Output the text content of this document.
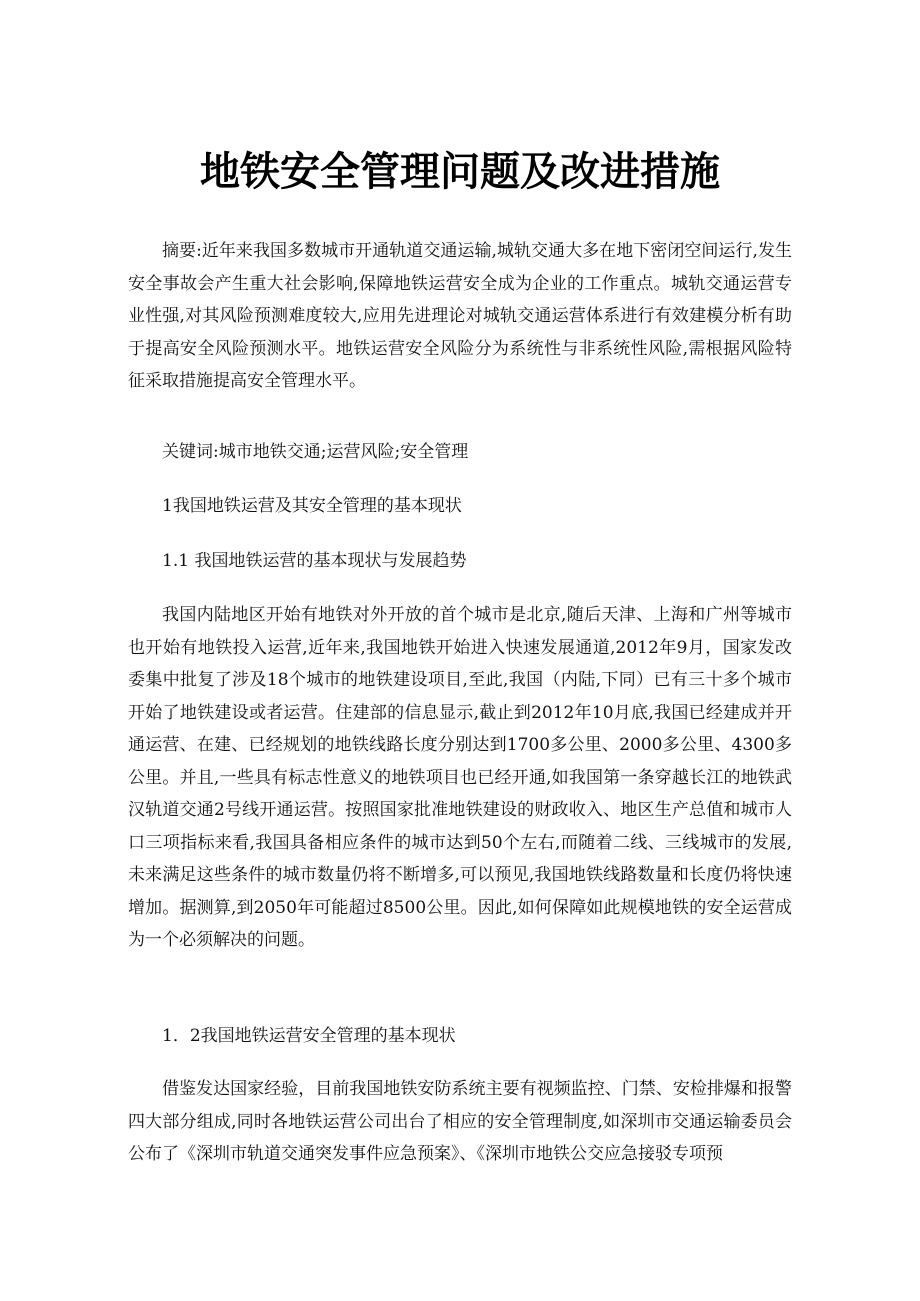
地铁安全管理问题及改进措施

摘要:近年来我国多数城市开通轨道交通运输,城轨交通大多在地下密闭空间运行,发生安全事故会产生重大社会影响,保障地铁运营安全成为企业的工作重点。城轨交通运营专业性强,对其风险预测难度较大,应用先进理论对城轨交通运营体系进行有效建模分析有助于提高安全风险预测水平。地铁运营安全风险分为系统性与非系统性风险,需根据风险特征采取措施提高安全管理水平。

关键词:城市地铁交通;运营风险;安全管理

1我国地铁运营及其安全管理的基本现状

1.1 我国地铁运营的基本现状与发展趋势

我国内陆地区开始有地铁对外开放的首个城市是北京,随后天津、上海和广州等城市也开始有地铁投入运营,近年来,我国地铁开始进入快速发展通道,2012年9月，国家发改委集中批复了涉及18个城市的地铁建设项目,至此,我国（内陆,下同）已有三十多个城市开始了地铁建设或者运营。住建部的信息显示,截止到2012年10月底,我国已经建成并开通运营、在建、已经规划的地铁线路长度分别达到1700多公里、2000多公里、4300多公里。并且,一些具有标志性意义的地铁项目也已经开通,如我国第一条穿越长江的地铁武汉轨道交通2号线开通运营。按照国家批准地铁建设的财政收入、地区生产总值和城市人口三项指标来看,我国具备相应条件的城市达到50个左右,而随着二线、三线城市的发展,未来满足这些条件的城市数量仍将不断增多,可以预见,我国地铁线路数量和长度仍将快速增加。据测算,到2050年可能超过8500公里。因此,如何保障如此规模地铁的安全运营成为一个必须解决的问题。

1．2我国地铁运营安全管理的基本现状

借鉴发达国家经验，目前我国地铁安防系统主要有视频监控、门禁、安检排爆和报警四大部分组成,同时各地铁运营公司出台了相应的安全管理制度,如深圳市交通运输委员会公布了《深圳市轨道交通突发事件应急预案》、《深圳市地铁公交应急接驳专项预
